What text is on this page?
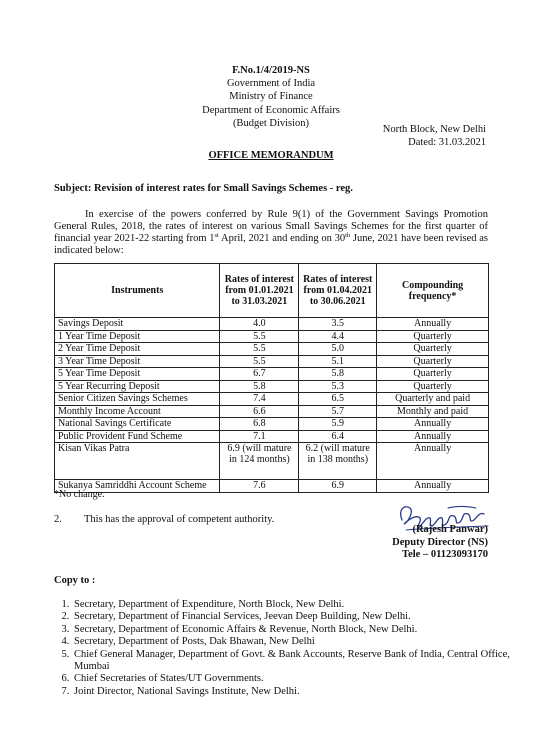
F.No.1/4/2019-NS
Government of India
Ministry of Finance
Department of Economic Affairs
(Budget Division)
North Block, New Delhi
Dated: 31.03.2021
OFFICE MEMORANDUM
Subject: Revision of interest rates for Small Savings Schemes - reg.
In exercise of the powers conferred by Rule 9(1) of the Government Savings Promotion General Rules, 2018, the rates of interest on various Small Savings Schemes for the first quarter of financial year 2021-22 starting from 1st April, 2021 and ending on 30th June, 2021 have been revised as indicated below:
Instruments	Rates of interest from 01.01.2021 to 31.03.2021	Rates of interest from 01.04.2021 to 30.06.2021	Compounding frequency*
Savings Deposit	4.0	3.5	Annually
1 Year Time Deposit	5.5	4.4	Quarterly
2 Year Time Deposit	5.5	5.0	Quarterly
3 Year Time Deposit	5.5	5.1	Quarterly
5 Year Time Deposit	6.7	5.8	Quarterly
5 Year Recurring Deposit	5.8	5.3	Quarterly
Senior Citizen Savings Schemes	7.4	6.5	Quarterly and paid
Monthly Income Account	6.6	5.7	Monthly and paid
National Savings Certificate	6.8	5.9	Annually
Public Provident Fund Scheme	7.1	6.4	Annually
Kisan Vikas Patra	6.9 (will mature in 124 months)	6.2 (will mature in 138 months)	Annually
Sukanya Samriddhi Account Scheme	7.6	6.9	Annually
*No change.
2. This has the approval of competent authority.
(Rajesh Panwar)
Deputy Director (NS)
Tele – 01123093170
Copy to :
1. Secretary, Department of Expenditure, North Block, New Delhi.
2. Secretary, Department of Financial Services, Jeevan Deep Building, New Delhi.
3. Secretary, Department of Economic Affairs & Revenue, North Block, New Delhi.
4. Secretary, Department of Posts, Dak Bhawan, New Delhi
5. Chief General Manager, Department of Govt. & Bank Accounts, Reserve Bank of India, Central Office, Mumbai
6. Chief Secretaries of States/UT Governments.
7. Joint Director, National Savings Institute, New Delhi.
